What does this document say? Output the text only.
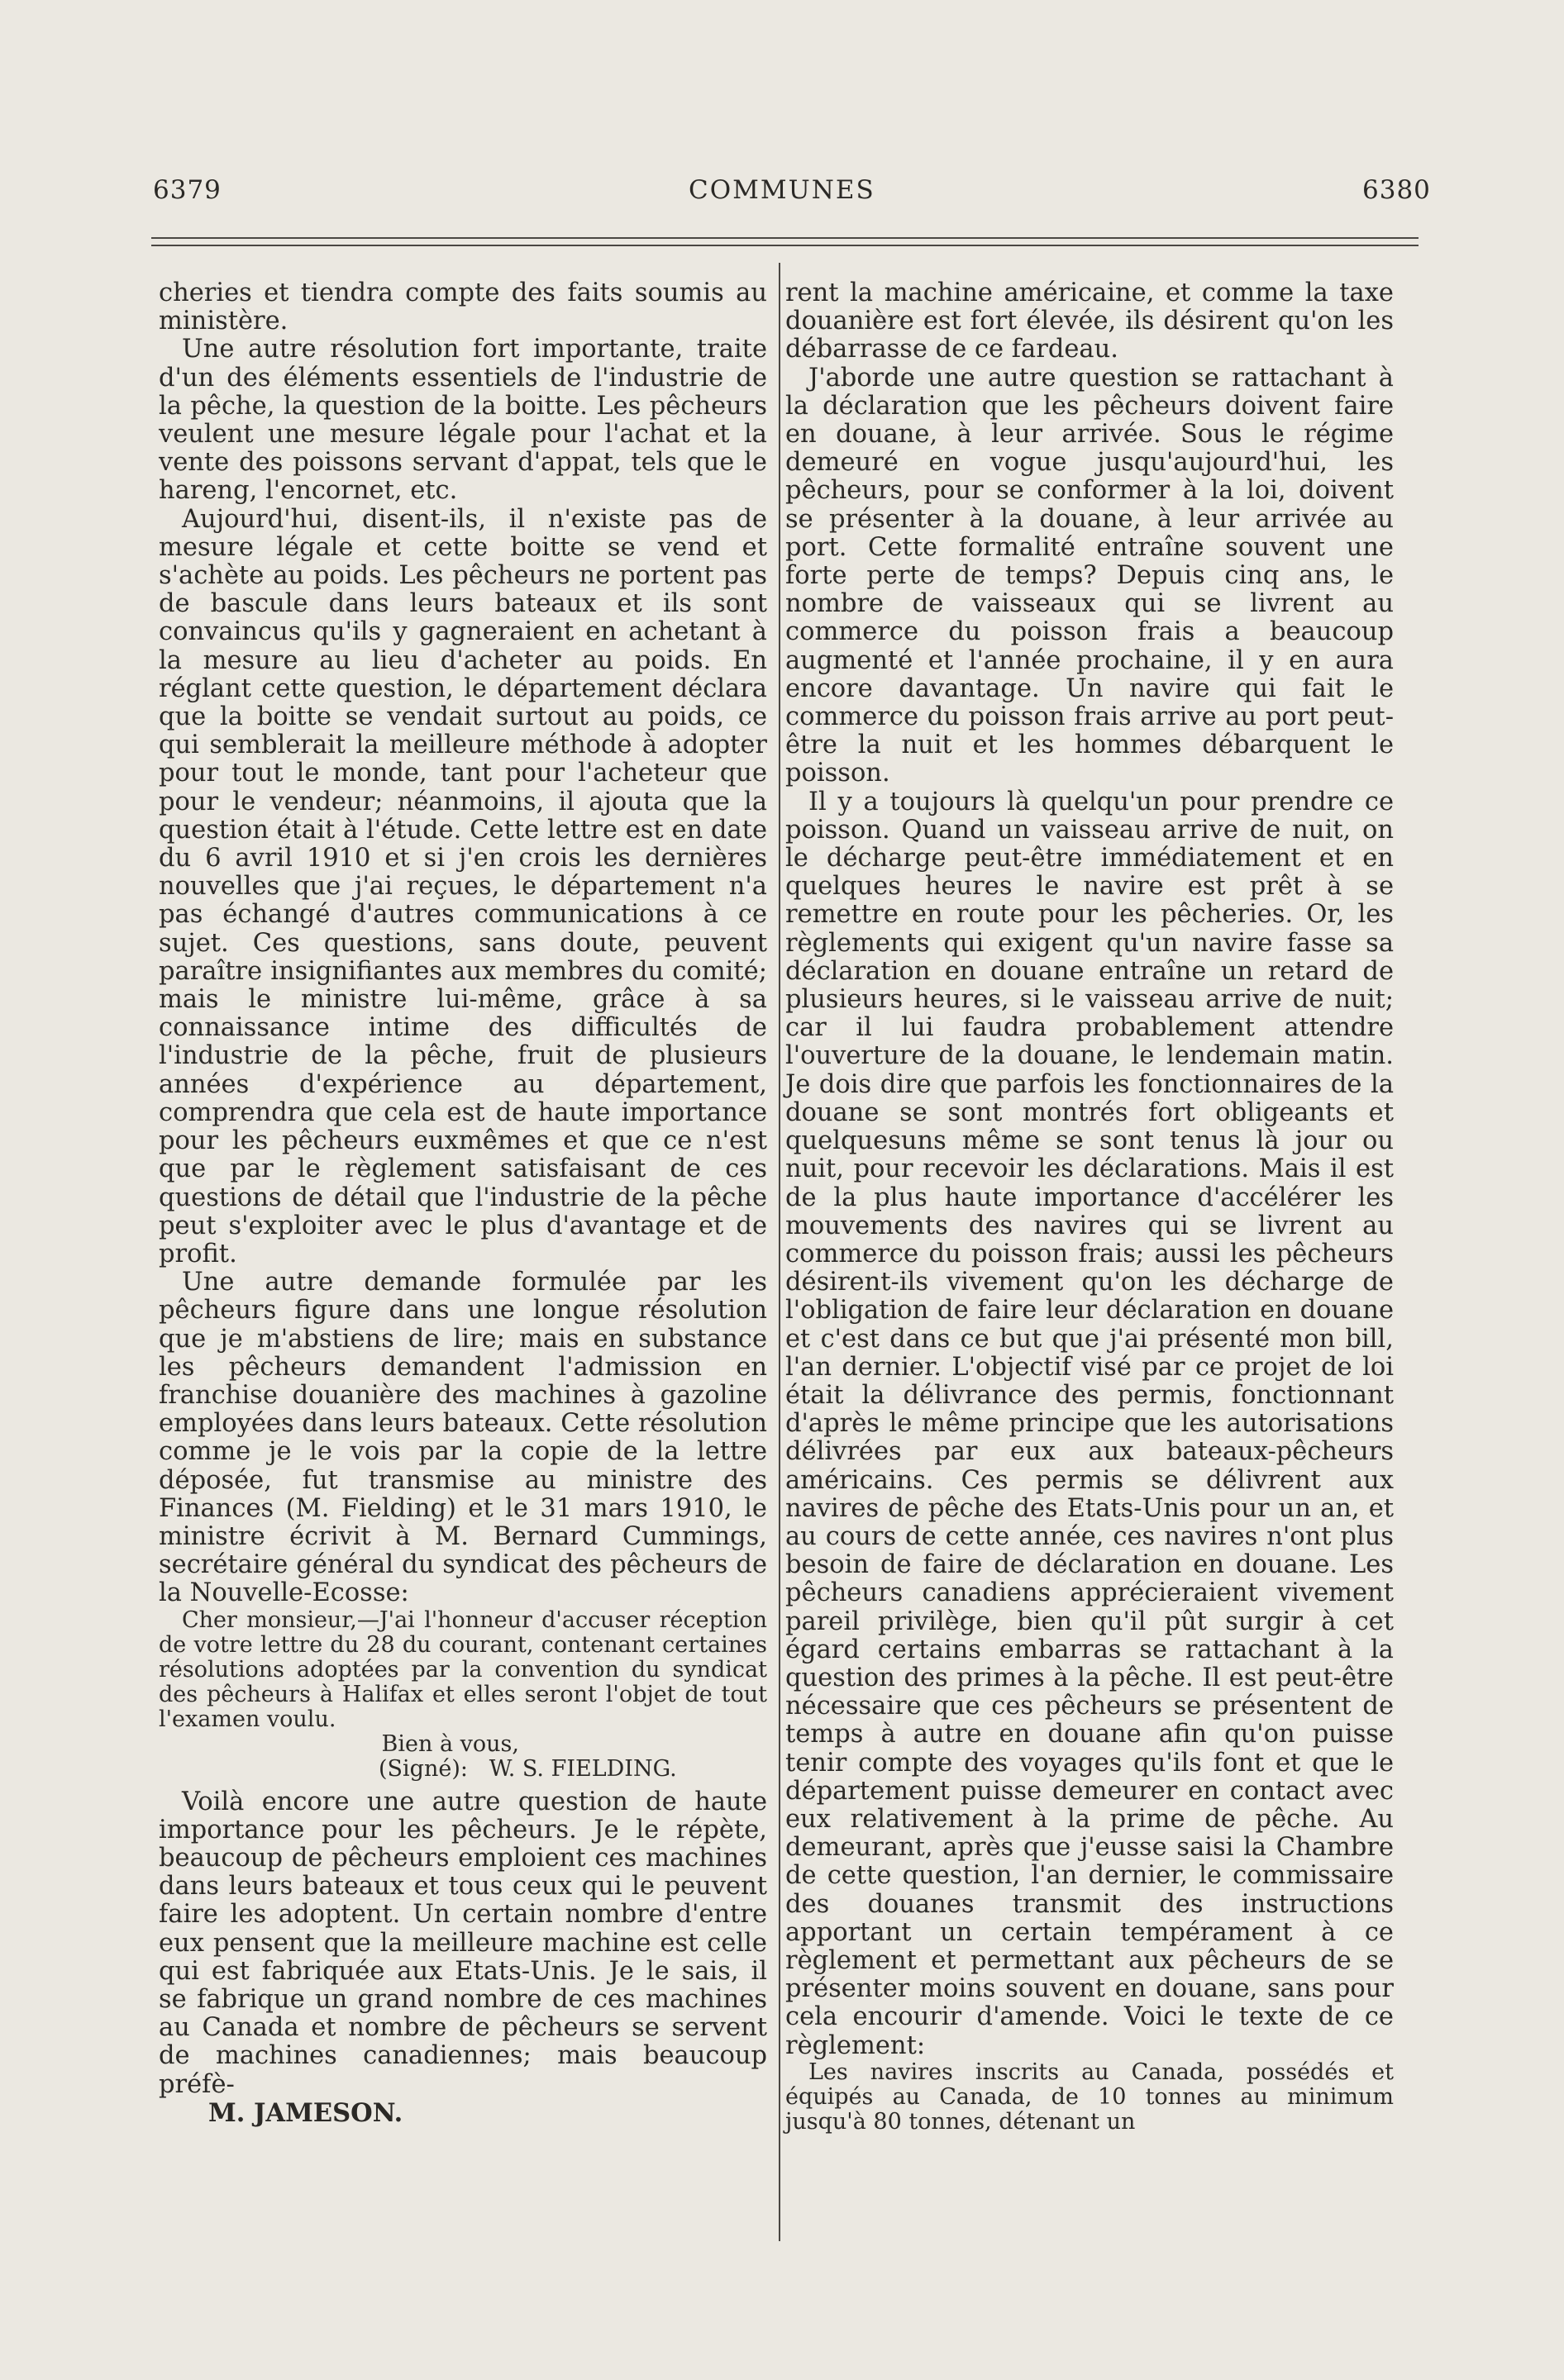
6379	COMMUNES	6380

cheries et tiendra compte des faits soumis au ministère.

Une autre résolution fort importante, traite d'un des éléments essentiels de l'industrie de la pêche, la question de la boitte. Les pêcheurs veulent une mesure légale pour l'achat et la vente des poissons servant d'appat, tels que le hareng, l'encornet, etc.

Aujourd'hui, disent-ils, il n'existe pas de mesure légale et cette boitte se vend et s'achète au poids. Les pêcheurs ne portent pas de bascule dans leurs bateaux et ils sont convaincus qu'ils y gagneraient en achetant à la mesure au lieu d'acheter au poids. En réglant cette question, le département déclara que la boitte se vendait surtout au poids, ce qui semblerait la meilleure méthode à adopter pour tout le monde, tant pour l'acheteur que pour le vendeur; néanmoins, il ajouta que la question était à l'étude. Cette lettre est en date du 6 avril 1910 et si j'en crois les dernières nouvelles que j'ai reçues, le département n'a pas échangé d'autres communications à ce sujet. Ces questions, sans doute, peuvent paraître insignifiantes aux membres du comité; mais le ministre lui-même, grâce à sa connaissance intime des difficultés de l'industrie de la pêche, fruit de plusieurs années d'expérience au département, comprendra que cela est de haute importance pour les pêcheurs euxmêmes et que ce n'est que par le règlement satisfaisant de ces questions de détail que l'industrie de la pêche peut s'exploiter avec le plus d'avantage et de profit.

Une autre demande formulée par les pêcheurs figure dans une longue résolution que je m'abstiens de lire; mais en substance les pêcheurs demandent l'admission en franchise douanière des machines à gazoline employées dans leurs bateaux. Cette résolution comme je le vois par la copie de la lettre déposée, fut transmise au ministre des Finances (M. Fielding) et le 31 mars 1910, le ministre écrivit à M. Bernard Cummings, secrétaire général du syndicat des pêcheurs de la Nouvelle-Ecosse:

Cher monsieur,—J'ai l'honneur d'accuser réception de votre lettre du 28 du courant, contenant certaines résolutions adoptées par la convention du syndicat des pêcheurs à Halifax et elles seront l'objet de tout l'examen voulu.

Bien à vous,

(Signé):   W. S. FIELDING.

Voilà encore une autre question de haute importance pour les pêcheurs. Je le répète, beaucoup de pêcheurs emploient ces machines dans leurs bateaux et tous ceux qui le peuvent faire les adoptent. Un certain nombre d'entre eux pensent que la meilleure machine est celle qui est fabriquée aux Etats-Unis. Je le sais, il se fabrique un grand nombre de ces machines au Canada et nombre de pêcheurs se servent de machines canadiennes; mais beaucoup préfè-

M. JAMESON.

rent la machine américaine, et comme la taxe douanière est fort élevée, ils désirent qu'on les débarrasse de ce fardeau.

J'aborde une autre question se rattachant à la déclaration que les pêcheurs doivent faire en douane, à leur arrivée. Sous le régime demeuré en vogue jusqu'aujourd'hui, les pêcheurs, pour se conformer à la loi, doivent se présenter à la douane, à leur arrivée au port. Cette formalité entraîne souvent une forte perte de temps? Depuis cinq ans, le nombre de vaisseaux qui se livrent au commerce du poisson frais a beaucoup augmenté et l'année prochaine, il y en aura encore davantage. Un navire qui fait le commerce du poisson frais arrive au port peut-être la nuit et les hommes débarquent le poisson.

Il y a toujours là quelqu'un pour prendre ce poisson. Quand un vaisseau arrive de nuit, on le décharge peut-être immédiatement et en quelques heures le navire est prêt à se remettre en route pour les pêcheries. Or, les règlements qui exigent qu'un navire fasse sa déclaration en douane entraîne un retard de plusieurs heures, si le vaisseau arrive de nuit; car il lui faudra probablement attendre l'ouverture de la douane, le lendemain matin. Je dois dire que parfois les fonctionnaires de la douane se sont montrés fort obligeants et quelquesuns même se sont tenus là jour ou nuit, pour recevoir les déclarations. Mais il est de la plus haute importance d'accélérer les mouvements des navires qui se livrent au commerce du poisson frais; aussi les pêcheurs désirent-ils vivement qu'on les décharge de l'obligation de faire leur déclaration en douane et c'est dans ce but que j'ai présenté mon bill, l'an dernier. L'objectif visé par ce projet de loi était la délivrance des permis, fonctionnant d'après le même principe que les autorisations délivrées par eux aux bateaux-pêcheurs américains. Ces permis se délivrent aux navires de pêche des Etats-Unis pour un an, et au cours de cette année, ces navires n'ont plus besoin de faire de déclaration en douane. Les pêcheurs canadiens apprécieraient vivement pareil privilège, bien qu'il pût surgir à cet égard certains embarras se rattachant à la question des primes à la pêche. Il est peut-être nécessaire que ces pêcheurs se présentent de temps à autre en douane afin qu'on puisse tenir compte des voyages qu'ils font et que le département puisse demeurer en contact avec eux relativement à la prime de pêche. Au demeurant, après que j'eusse saisi la Chambre de cette question, l'an dernier, le commissaire des douanes transmit des instructions apportant un certain tempérament à ce règlement et permettant aux pêcheurs de se présenter moins souvent en douane, sans pour cela encourir d'amende. Voici le texte de ce règlement:

Les navires inscrits au Canada, possédés et équipés au Canada, de 10 tonnes au minimum jusqu'à 80 tonnes, détenant un
